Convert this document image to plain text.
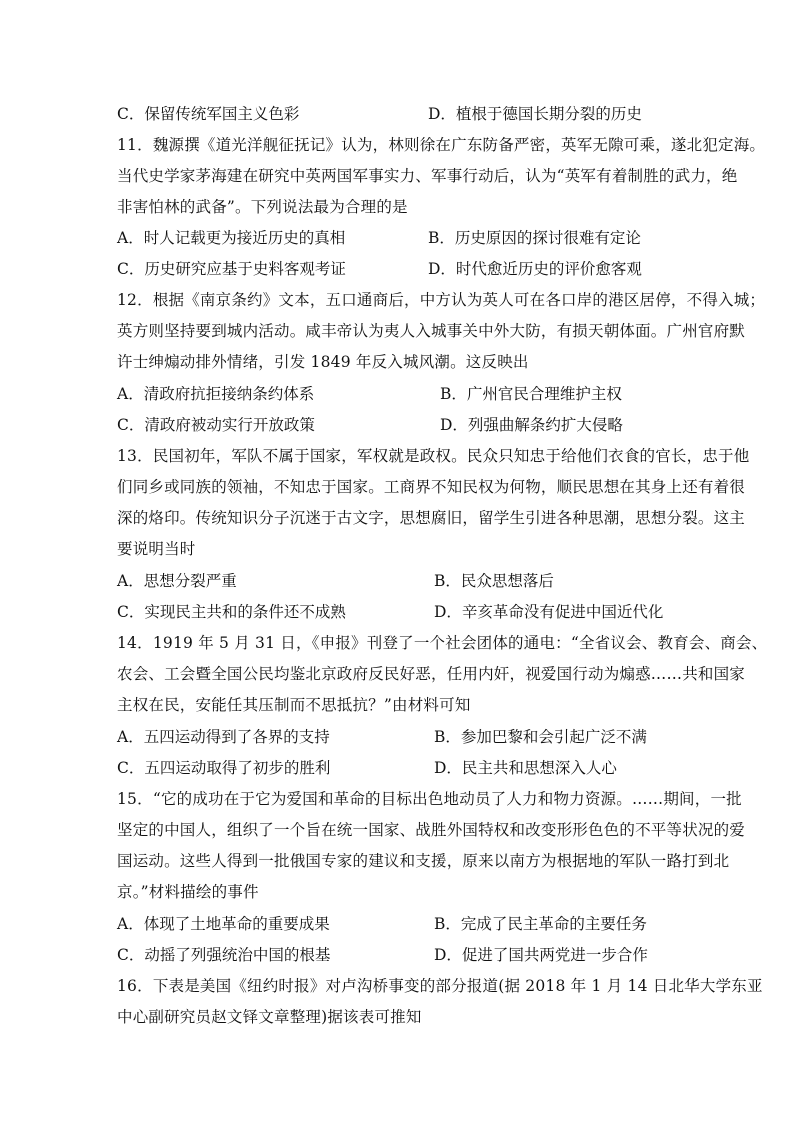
C．保留传统军国主义色彩	D．植根于德国长期分裂的历史
11．魏源撰《道光洋舰征抚记》认为，林则徐在广东防备严密，英军无隙可乘，遂北犯定海。
当代史学家茅海建在研究中英两国军事实力、军事行动后，认为“英军有着制胜的武力，绝
非害怕林的武备”。下列说法最为合理的是
A．时人记载更为接近历史的真相	B．历史原因的探讨很难有定论
C．历史研究应基于史料客观考证	D．时代愈近历史的评价愈客观
12．根据《南京条约》文本，五口通商后，中方认为英人可在各口岸的港区居停，不得入城；
英方则坚持要到城内活动。咸丰帝认为夷人入城事关中外大防，有损天朝体面。广州官府默
许士绅煽动排外情绪，引发 1849 年反入城风潮。这反映出
A．清政府抗拒接纳条约体系	B．广州官民合理维护主权
C．清政府被动实行开放政策	D．列强曲解条约扩大侵略
13．民国初年，军队不属于国家，军权就是政权。民众只知忠于给他们衣食的官长，忠于他
们同乡或同族的领袖，不知忠于国家。工商界不知民权为何物，顺民思想在其身上还有着很
深的烙印。传统知识分子沉迷于古文字，思想腐旧，留学生引进各种思潮，思想分裂。这主
要说明当时
A．思想分裂严重	B．民众思想落后
C．实现民主共和的条件还不成熟	D．辛亥革命没有促进中国近代化
14．1919 年 5 月 31 日，《申报》刊登了一个社会团体的通电：“全省议会、教育会、商会、
农会、工会暨全国公民均鉴北京政府反民好恶，任用内奸，视爱国行动为煽惑……共和国家
主权在民，安能任其压制而不思抵抗？”由材料可知
A．五四运动得到了各界的支持	B．参加巴黎和会引起广泛不满
C．五四运动取得了初步的胜利	D．民主共和思想深入人心
15．“它的成功在于它为爱国和革命的目标出色地动员了人力和物力资源。……期间，一批
坚定的中国人，组织了一个旨在统一国家、战胜外国特权和改变形形色色的不平等状况的爱
国运动。这些人得到一批俄国专家的建议和支援，原来以南方为根据地的军队一路打到北
京。”材料描绘的事件
A．体现了土地革命的重要成果	B．完成了民主革命的主要任务
C．动摇了列强统治中国的根基	D．促进了国共两党进一步合作
16．下表是美国《纽约时报》对卢沟桥事变的部分报道(据 2018 年 1 月 14 日北华大学东亚
中心副研究员赵文铎文章整理)据该表可推知
